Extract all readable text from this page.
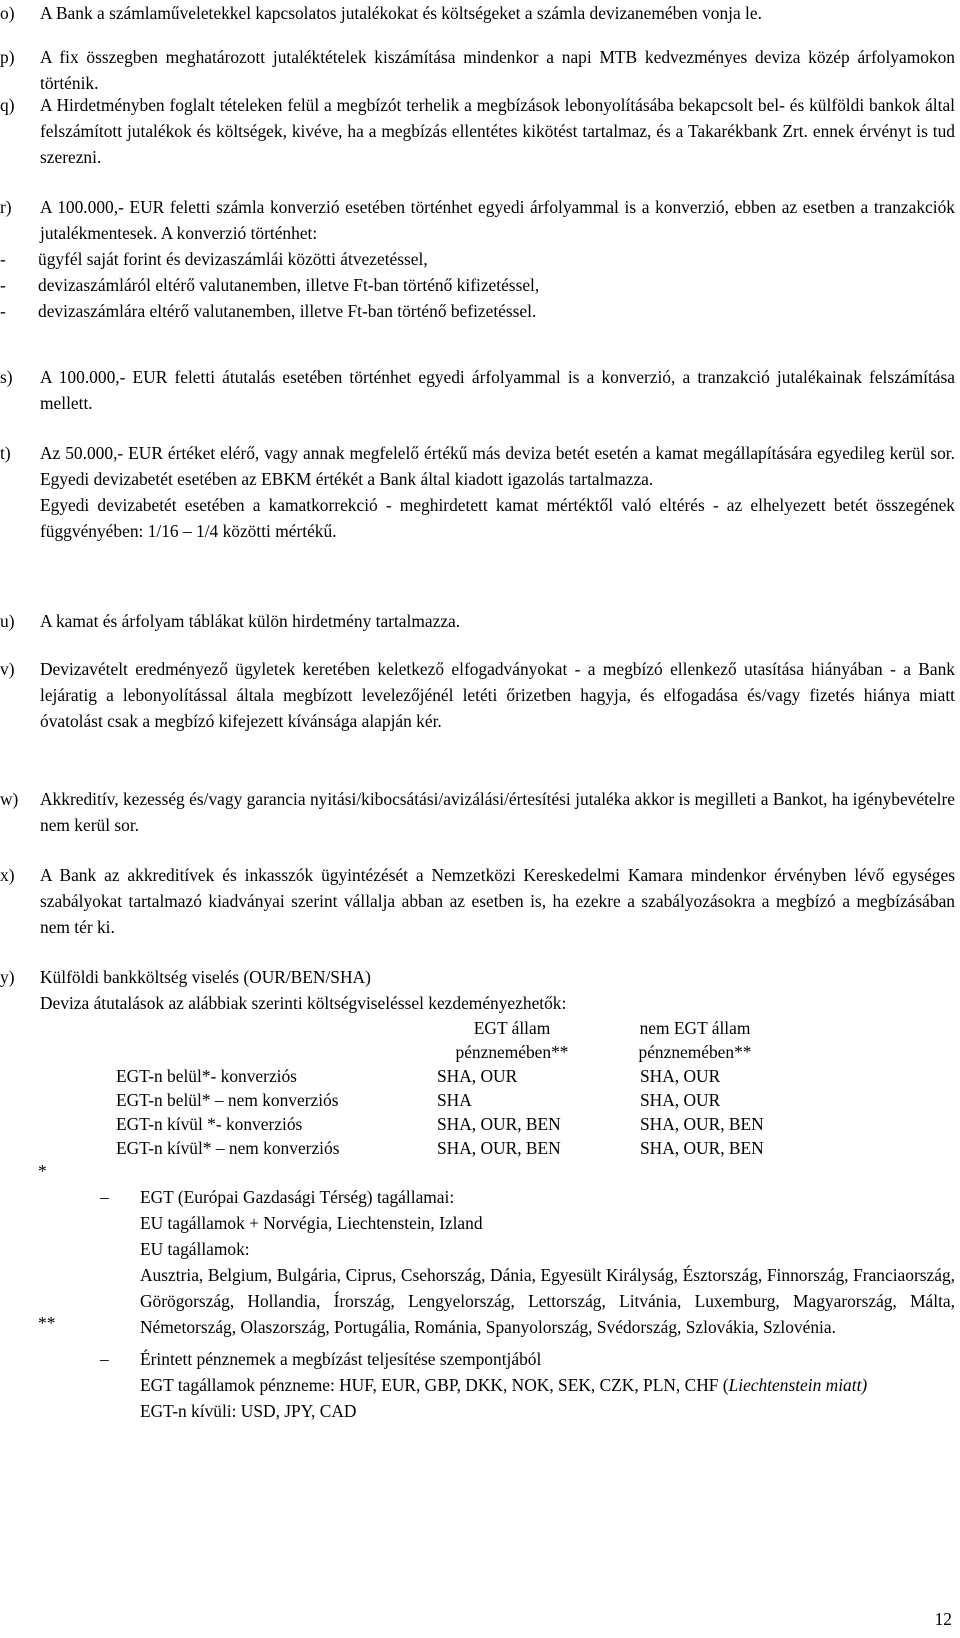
o) A Bank a számlaműveletekkel kapcsolatos jutalékokat és költségeket a számla devizanemében vonja le.

p) A fix összegben meghatározott jutaléktételek kiszámítása mindenkor a napi MTB kedvezményes deviza közép árfolyamokon történik.

q) A Hirdetményben foglalt tételeken felül a megbízót terhelik a megbízások lebonyolításába bekapcsolt bel- és külföldi bankok által felszámított jutalékok és költségek, kivéve, ha a megbízás ellentétes kikötést tartalmaz, és a Takarékbank Zrt. ennek érvényt is tud szerezni.

r) A 100.000,- EUR feletti számla konverzió esetében történhet egyedi árfolyammal is a konverzió, ebben az esetben a tranzakciók jutalékmentesek. A konverzió történhet:

- ügyfél saját forint és devizaszámlái közötti átvezetéssel,
- devizaszámláról eltérő valutanemben, illetve Ft-ban történő kifizetéssel,
- devizaszámlára eltérő valutanemben, illetve Ft-ban történő befizetéssel.
s) A 100.000,- EUR feletti átutalás esetében történhet egyedi árfolyammal is a konverzió, a tranzakció jutalékainak felszámítása mellett.

t) Az 50.000,- EUR értéket elérő, vagy annak megfelelő értékű más deviza betét esetén a kamat megállapítására egyedileg kerül sor. Egyedi devizabetét esetében az EBKM értékét a Bank által kiadott igazolás tartalmazza.

Egyedi devizabetét esetében a kamatkorrekció - meghirdetett kamat mértéktől való eltérés - az elhelyezett betét összegének függvényében: 1/16 – 1/4 közötti mértékű.

u) A kamat és árfolyam táblákat külön hirdetmény tartalmazza.

v) Devizavételt eredményező ügyletek keretében keletkező elfogadványokat - a megbízó ellenkező utasítása hiányában - a Bank lejáratig a lebonyolítással általa megbízott levelezőjénél letéti őrizetben hagyja, és elfogadása és/vagy fizetés hiánya miatt óvatolást csak a megbízó kifejezett kívánsága alapján kér.

w) Akkreditív, kezesség és/vagy garancia nyitási/kibocsátási/avizálási/értesítési jutaléka akkor is megilleti a Bankot, ha igénybevételre nem kerül sor.

x) A Bank az akkreditívek és inkasszók ügyintézését a Nemzetközi Kereskedelmi Kamara mindenkor érvényben lévő egységes szabályokat tartalmazó kiadványai szerint vállalja abban az esetben is, ha ezekre a szabályozásokra a megbízó a megbízásában nem tér ki.

y) Külföldi bankköltség viselés (OUR/BEN/SHA)

Deviza átutalások az alábbiak szerinti költségviseléssel kezdeményezhetők:

EGT állam
pénznemében**
nem EGT állam
pénznemében**
EGT-n belül*- konverziós	SHA, OUR	SHA, OUR
EGT-n belül* – nem konverziós	SHA	SHA, OUR
EGT-n kívül *- konverziós	SHA, OUR, BEN	SHA, OUR, BEN
EGT-n kívül* – nem konverziós	SHA, OUR, BEN	SHA, OUR, BEN
*
– EGT (Európai Gazdasági Térség) tagállamai:

EU tagállamok + Norvégia, Liechtenstein, Izland

EU tagállamok:

Ausztria, Belgium, Bulgária, Ciprus, Csehország, Dánia, Egyesült Királyság, Észtország, Finnország, Franciaország, Görögország, Hollandia, Írország, Lengyelország, Lettország, Litvánia, Luxemburg, Magyarország, Málta, Németország, Olaszország, Portugália, Románia, Spanyolország, Svédország, Szlovákia, Szlovénia.

**
– Érintett pénznemek a megbízást teljesítése szempontjából

EGT tagállamok pénzneme: HUF, EUR, GBP, DKK, NOK, SEK, CZK, PLN, CHF (Liechtenstein miatt)

EGT-n kívüli: USD, JPY, CAD

12
